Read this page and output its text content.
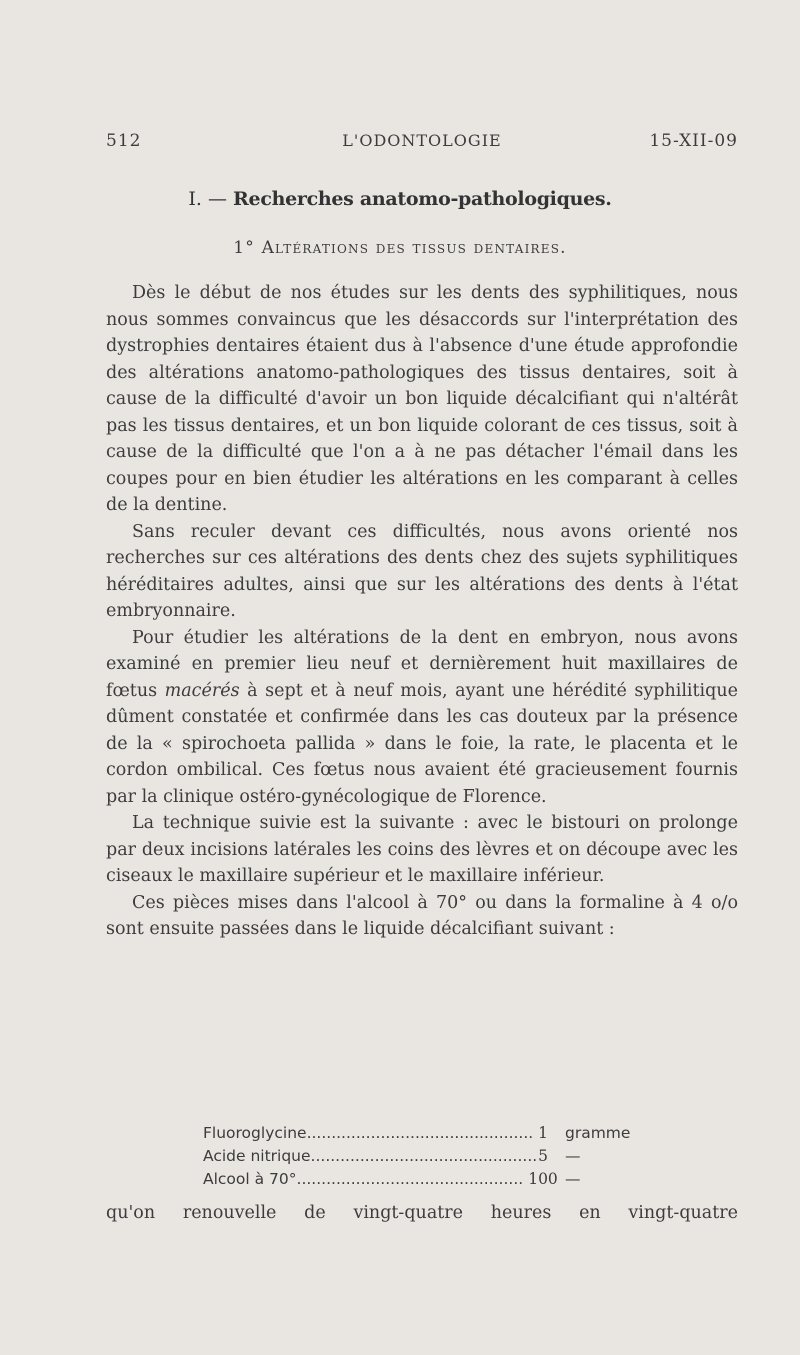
512	L'ODONTOLOGIE	15-XII-09
I. — Recherches anatomo-pathologiques.
1° Altérations des tissus dentaires.

Dès le début de nos études sur les dents des syphilitiques, nous nous sommes convaincus que les désaccords sur l'interprétation des dystrophies dentaires étaient dus à l'absence d'une étude approfondie des altérations anatomo-pathologiques des tissus dentaires, soit à cause de la difficulté d'avoir un bon liquide décalcifiant qui n'altérât pas les tissus dentaires, et un bon liquide colorant de ces tissus, soit à cause de la difficulté que l'on a à ne pas détacher l'émail dans les coupes pour en bien étudier les altérations en les comparant à celles de la dentine.

Sans reculer devant ces difficultés, nous avons orienté nos recherches sur ces altérations des dents chez des sujets syphilitiques héréditaires adultes, ainsi que sur les altérations des dents à l'état embryonnaire.

Pour étudier les altérations de la dent en embryon, nous avons examiné en premier lieu neuf et dernièrement huit maxillaires de fœtus macérés à sept et à neuf mois, ayant une hérédité syphilitique dûment constatée et confirmée dans les cas douteux par la présence de la « spirochoeta pallida » dans le foie, la rate, le placenta et le cordon ombilical. Ces fœtus nous avaient été gracieusement fournis par la clinique ostéro-gynécologique de Florence.

La technique suivie est la suivante : avec le bistouri on prolonge par deux incisions latérales les coins des lèvres et on découpe avec les ciseaux le maxillaire supérieur et le maxillaire inférieur.

Ces pièces mises dans l'alcool à 70° ou dans la formaline à 4 o/o sont ensuite passées dans le liquide décalcifiant suivant :

Fluoroglycine.............................................. 1	gramme
Acide nitrique.............................................. 5	—
Alcool à 70°.............................................. 100 —
qu'on renouvelle de vingt-quatre heures en vingt-quatre
